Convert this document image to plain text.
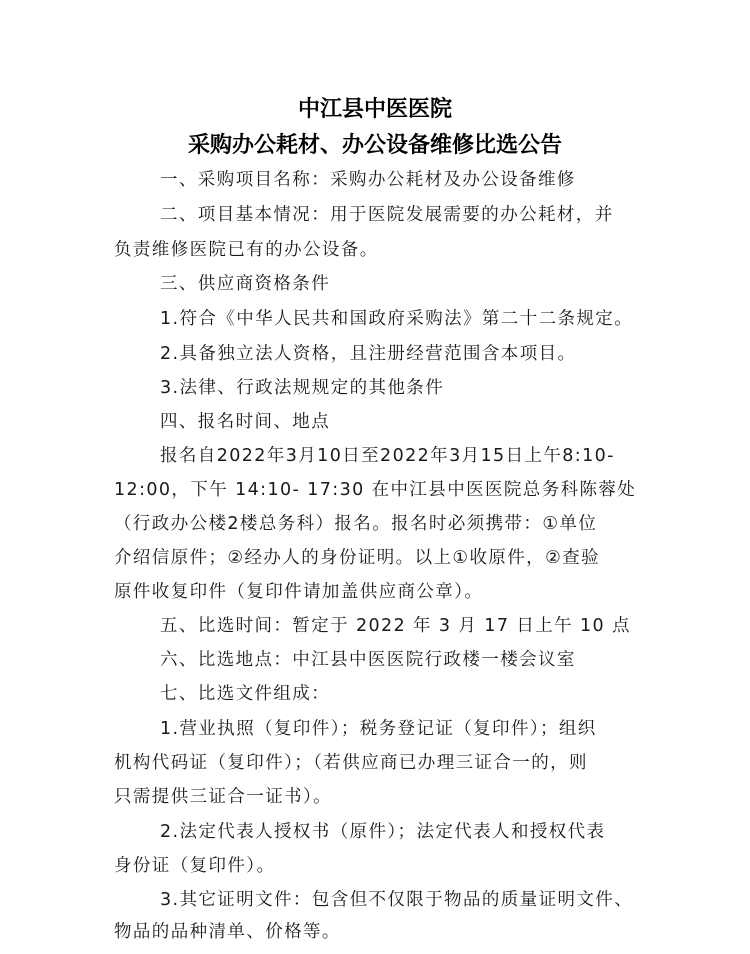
中江县中医医院
采购办公耗材、办公设备维修比选公告
一、采购项目名称：采购办公耗材及办公设备维修
二、项目基本情况：用于医院发展需要的办公耗材，并
负责维修医院已有的办公设备。
三、供应商资格条件
1.符合《中华人民共和国政府采购法》第二十二条规定。
2.具备独立法人资格，且注册经营范围含本项目。
3.法律、行政法规规定的其他条件
四、报名时间、地点
报名自2022年3月10日至2022年3月15日上午8:10-
12:00，下午 14:10- 17:30 在中江县中医医院总务科陈蓉处
（行政办公楼2楼总务科）报名。报名时必须携带：①单位
介绍信原件；②经办人的身份证明。以上①收原件，②查验
原件收复印件（复印件请加盖供应商公章）。
五、比选时间：暂定于 2022 年 3 月 17 日上午 10 点
六、比选地点：中江县中医医院行政楼一楼会议室
七、比选文件组成：
1.营业执照（复印件）；税务登记证（复印件）；组织
机构代码证（复印件）；（若供应商已办理三证合一的，则
只需提供三证合一证书）。
2.法定代表人授权书（原件）；法定代表人和授权代表
身份证（复印件）。
3.其它证明文件：包含但不仅限于物品的质量证明文件、
物品的品种清单、价格等。
